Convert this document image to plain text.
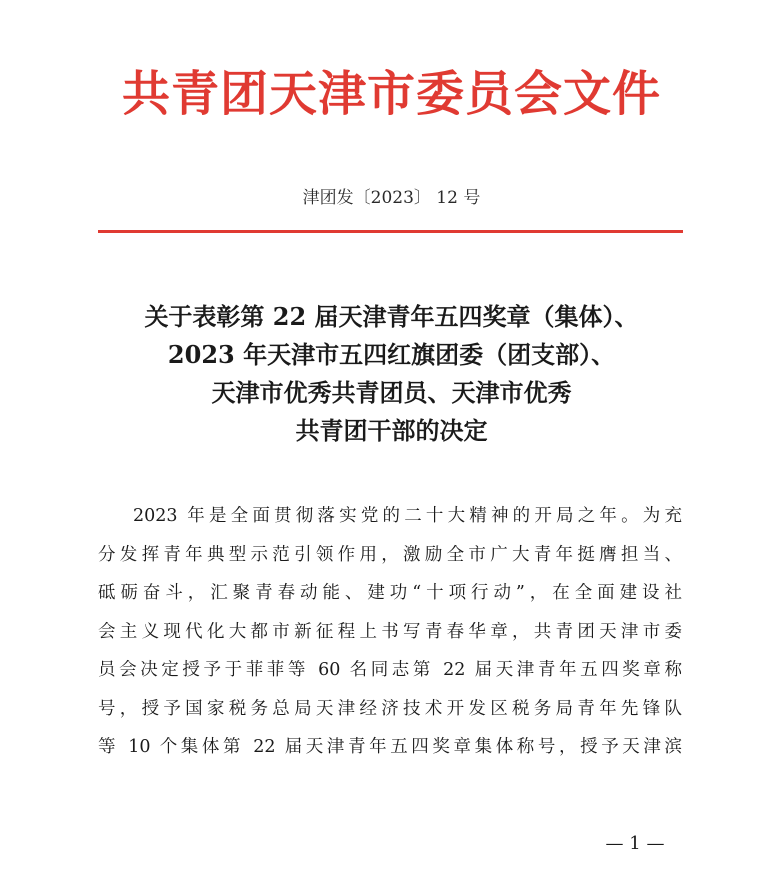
共青团天津市委员会文件
津团发〔2023〕 12 号
关于表彰第 22 届天津青年五四奖章（集体）、
2023 年天津市五四红旗团委（团支部）、
天津市优秀共青团员、天津市优秀
共青团干部的决定
2023 年是全面贯彻落实党的二十大精神的开局之年。为充
分发挥青年典型示范引领作用，激励全市广大青年挺膺担当、
砥砺奋斗，汇聚青春动能、建功“十项行动”，在全面建设社
会主义现代化大都市新征程上书写青春华章，共青团天津市委
员会决定授予于菲菲等 60 名同志第 22 届天津青年五四奖章称
号，授予国家税务总局天津经济技术开发区税务局青年先锋队
等 10 个集体第 22 届天津青年五四奖章集体称号，授予天津滨
— 1 —
